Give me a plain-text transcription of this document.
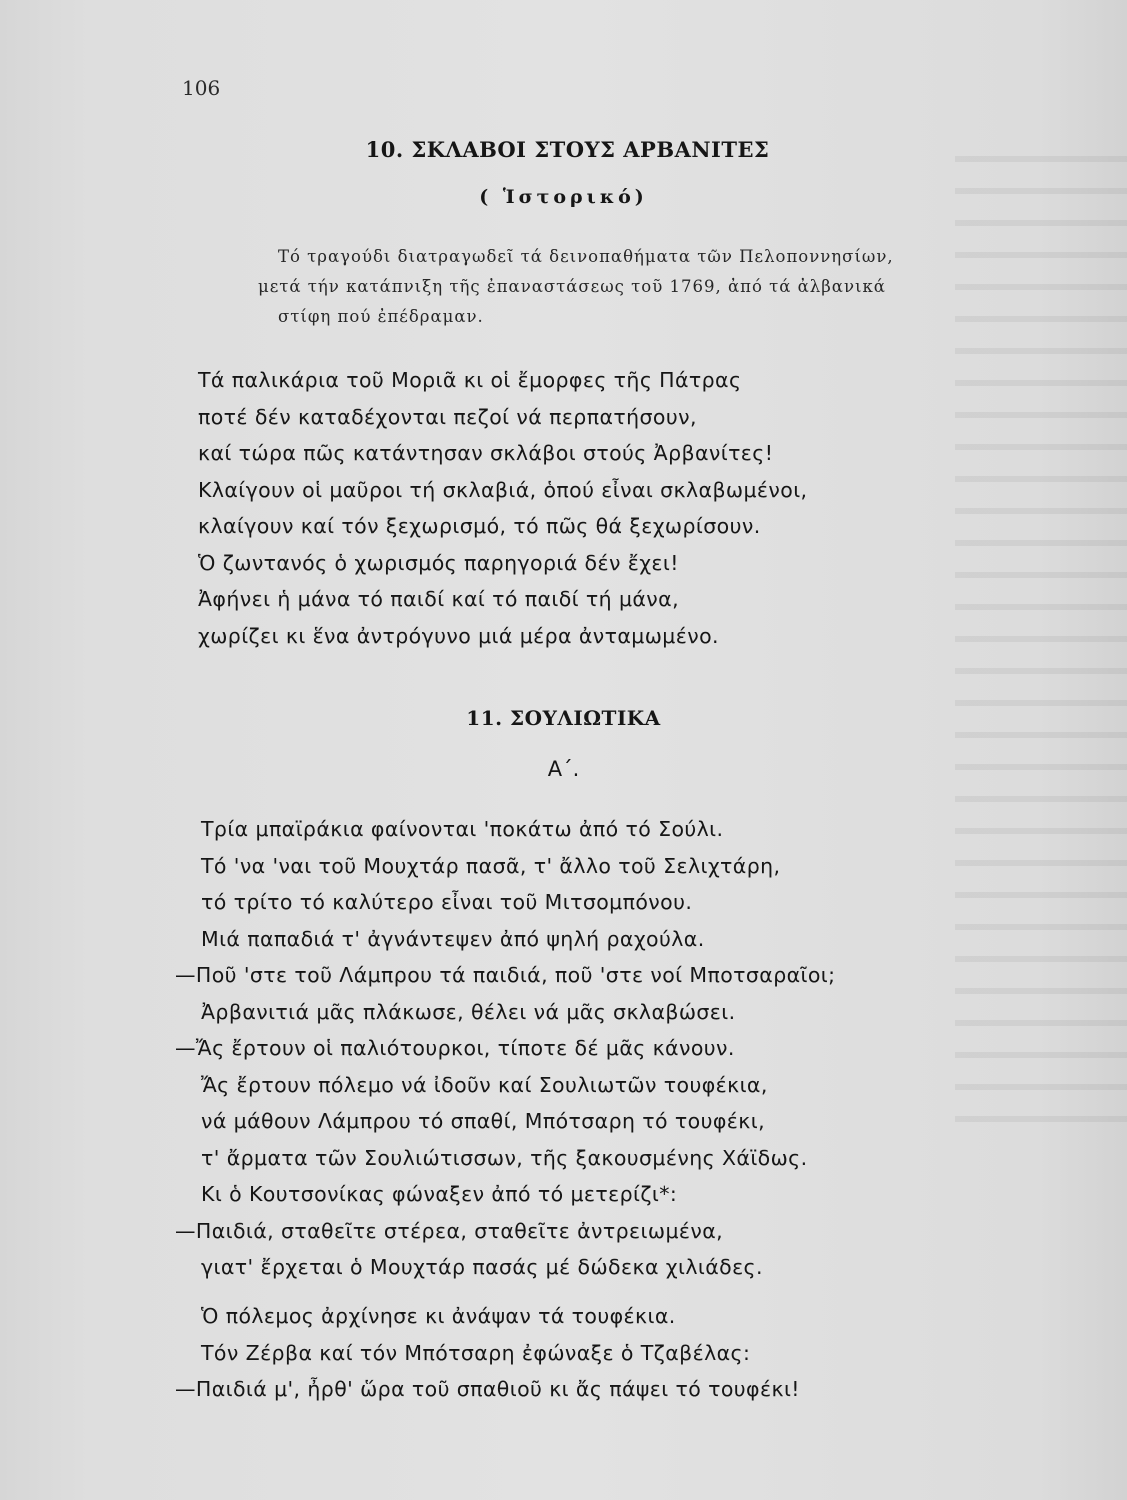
106
10. ΣΚΛΑΒΟΙ ΣΤΟΥΣ ΑΡΒΑΝΙΤΕΣ
( Ἱστορικό)
Τό τραγούδι διατραγωδεῖ τά δεινοπαθήματα τῶν Πελοποννησίων,
μετά τήν κατάπνιξη τῆς ἐπαναστάσεως τοῦ 1769, ἀπό τά ἀλβανικά
στίφη πού ἐπέδραμαν.
Τά παλικάρια τοῦ Μοριᾶ κι οἱ ἔμορφες τῆς Πάτρας
ποτέ δέν καταδέχονται πεζοί νά περπατήσουν,
καί τώρα πῶς κατάντησαν σκλάβοι στούς Ἀρβανίτες!
Κλαίγουν οἱ μαῦροι τή σκλαβιά, ὁπού εἶναι σκλαβωμένοι,
κλαίγουν καί τόν ξεχωρισμό, τό πῶς θά ξεχωρίσουν.
Ὁ ζωντανός ὁ χωρισμός παρηγοριά δέν ἔχει!
Ἀφήνει ἡ μάνα τό παιδί καί τό παιδί τή μάνα,
χωρίζει κι ἕνα ἀντρόγυνο μιά μέρα ἀνταμωμένο.
11. ΣΟΥΛΙΩΤΙΚΑ
Α΄.
Τρία μπαϊράκια φαίνονται 'ποκάτω ἀπό τό Σούλι.
Τό 'να 'ναι τοῦ Μουχτάρ πασᾶ, τ' ἄλλο τοῦ Σελιχτάρη,
τό τρίτο τό καλύτερο εἶναι τοῦ Μιτσομπόνου.
Μιά παπαδιά τ' ἀγνάντεψεν ἀπό ψηλή ραχούλα.
—Ποῦ 'στε τοῦ Λάμπρου τά παιδιά, ποῦ 'στε νοί Μποτσαραῖοι;
Ἀρβανιτιά μᾶς πλάκωσε, θέλει νά μᾶς σκλαβώσει.
—Ἄς ἔρτουν οἱ παλιότουρκοι, τίποτε δέ μᾶς κάνουν.
Ἄς ἔρτουν πόλεμο νά ἰδοῦν καί Σουλιωτῶν τουφέκια,
νά μάθουν Λάμπρου τό σπαθί, Μπότσαρη τό τουφέκι,
τ' ἄρματα τῶν Σουλιώτισσων, τῆς ξακουσμένης Χάϊδως.
Κι ὁ Κουτσονίκας φώναξεν ἀπό τό μετερίζι*:
—Παιδιά, σταθεῖτε στέρεα, σταθεῖτε ἀντρειωμένα,
γιατ' ἔρχεται ὁ Μουχτάρ πασάς μέ δώδεκα χιλιάδες.
Ὁ πόλεμος ἀρχίνησε κι ἀνάψαν τά τουφέκια.
Τόν Ζέρβα καί τόν Μπότσαρη ἐφώναξε ὁ Τζαβέλας:
—Παιδιά μ', ἦρθ' ὥρα τοῦ σπαθιοῦ κι ἄς πάψει τό τουφέκι!
